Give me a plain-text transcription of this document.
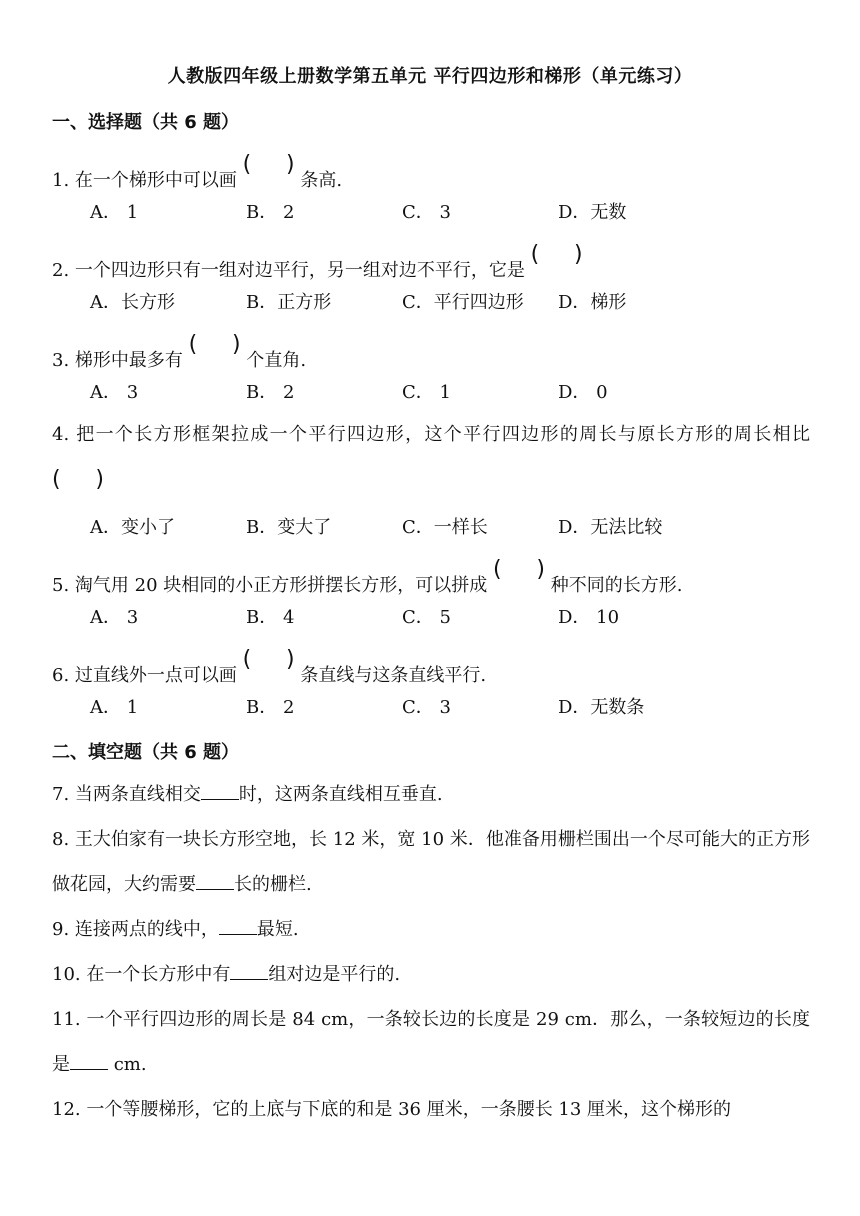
人教版四年级上册数学第五单元 平行四边形和梯形（单元练习）
一、选择题（共 6 题）
1. 在一个梯形中可以画
( )
条高.
A． 1	B． 2	C． 3	D．无数
2. 一个四边形只有一组对边平行，另一组对边不平行，它是
( )
A．长方形	B．正方形	C．平行四边形 D．梯形
3. 梯形中最多有
( )
个直角.
A． 3	B． 2	C． 1	D． 0
4. 把一个长方形框架拉成一个平行四边形，这个平行四边形的周长与原长方形的周长相比
( )
A．变小了	B．变大了	C．一样长	D．无法比较
5. 淘气用 20 块相同的小正方形拼摆长方形，可以拼成
( )
种不同的长方形.
A． 3	B． 4	C． 5	D． 10
6. 过直线外一点可以画
( )
条直线与这条直线平行.
A． 1	B． 2	C． 3	D．无数条
二、填空题（共 6 题）
7. 当两条直线相交 时，这两条直线相互垂直.
8. 王大伯家有一块长方形空地，长 12 米，宽 10 米．他准备用栅栏围出一个尽可能大的正方形做花园，大约需要 长的栅栏.
9. 连接两点的线中， 最短.
10. 在一个长方形中有 组对边是平行的.
11. 一个平行四边形的周长是 84 cm，一条较长边的长度是 29 cm．那么，一条较短边的长度是 cm.
12. 一个等腰梯形，它的上底与下底的和是 36 厘米，一条腰长 13 厘米，这个梯形的
